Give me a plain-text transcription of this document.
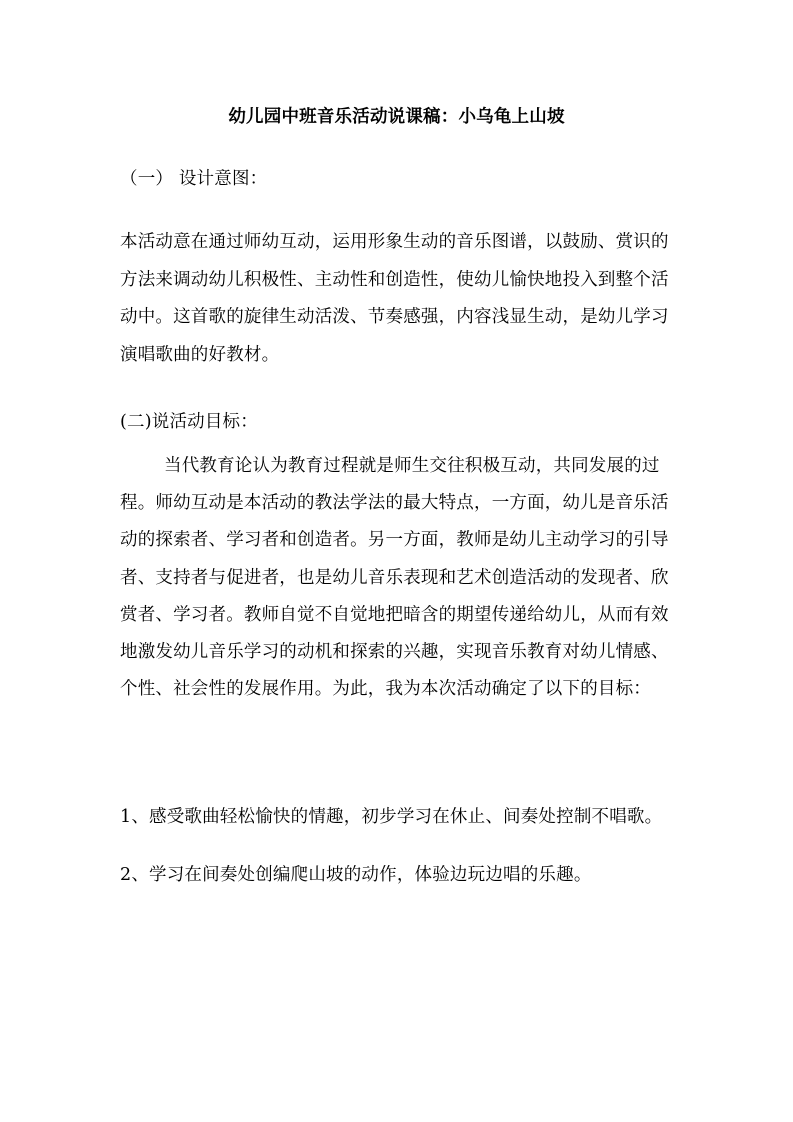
幼儿园中班音乐活动说课稿：小乌龟上山坡
（一） 设计意图：

本活动意在通过师幼互动，运用形象生动的音乐图谱，以鼓励、赏识的方法来调动幼儿积极性、主动性和创造性，使幼儿愉快地投入到整个活动中。这首歌的旋律生动活泼、节奏感强，内容浅显生动，是幼儿学习演唱歌曲的好教材。

(二)说活动目标：

当代教育论认为教育过程就是师生交往积极互动，共同发展的过程。师幼互动是本活动的教法学法的最大特点，一方面，幼儿是音乐活动的探索者、学习者和创造者。另一方面，教师是幼儿主动学习的引导者、支持者与促进者，也是幼儿音乐表现和艺术创造活动的发现者、欣赏者、学习者。教师自觉不自觉地把暗含的期望传递给幼儿，从而有效地激发幼儿音乐学习的动机和探索的兴趣，实现音乐教育对幼儿情感、个性、社会性的发展作用。为此，我为本次活动确定了以下的目标：

1、感受歌曲轻松愉快的情趣，初步学习在休止、间奏处控制不唱歌。
2、学习在间奏处创编爬山坡的动作，体验边玩边唱的乐趣。
